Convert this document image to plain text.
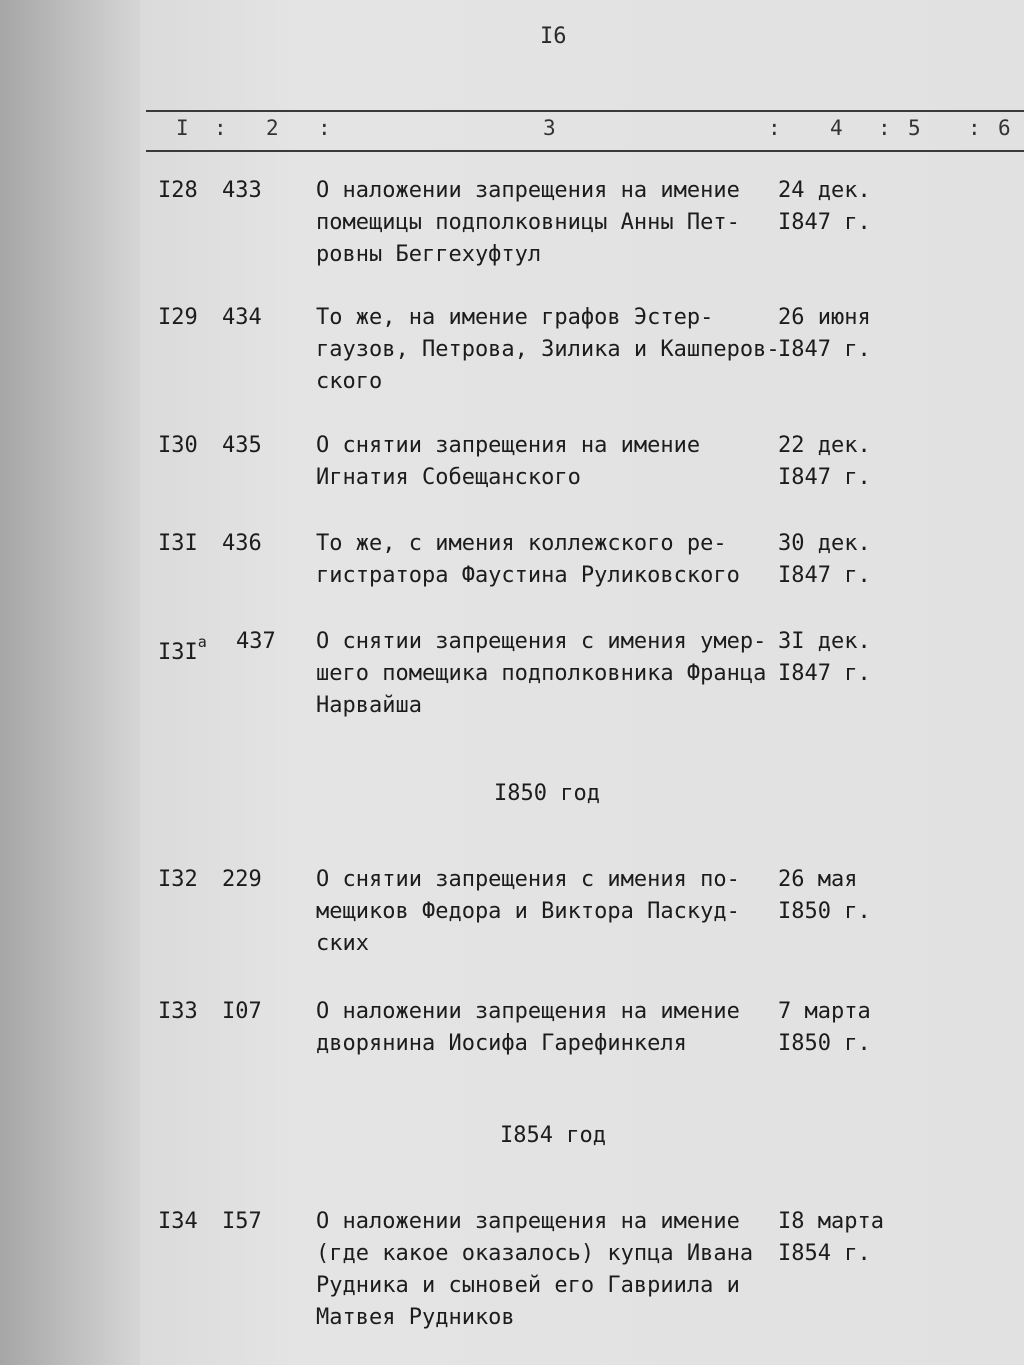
I6
I : 2 :	3	: 4 : 5 : 6
I28 433 О наложении запрещения на имение
помещицы подполковницы Анны Пет-
ровны Беггехуфтул
24 дек.
I847 г.
I29 434 То же, на имение графов Эстер-
гаузов, Петрова, Зилика и Кашперов-
ского
26 июня
I847 г.
I30 435 О снятии запрещения на имение
Игнатия Собещанского
22 дек.
I847 г.
I3I 436 То же, с имения коллежского ре-
гистратора Фаустина Руликовского
30 дек.
I847 г.
$I3I^а$ 437 О снятии запрещения с имения умер-
шего помещика подполковника Франца
Нарвайша
3I дек.
I847 г.
I850 год
I32 229 О снятии запрещения с имения по-
мещиков Федора и Виктора Паскуд-
ских
26 мая
I850 г.
I33 I07 О наложении запрещения на имение
дворянина Иосифа Гарефинкеля
7 марта
I850 г.
I854 год
I34 I57 О наложении запрещения на имение
(где какое оказалось) купца Ивана
Рудника и сыновей его Гавриила и
Матвея Рудников
I8 марта
I854 г.
